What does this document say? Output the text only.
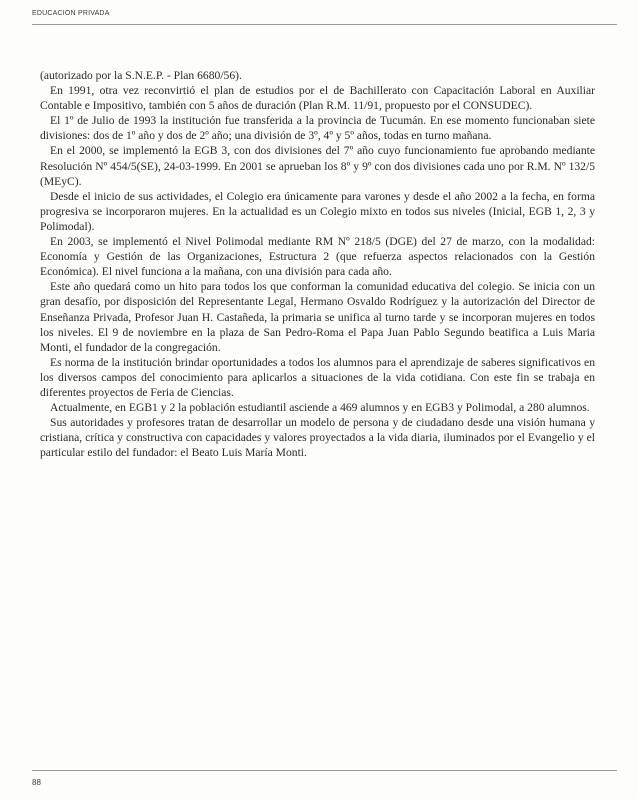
EDUCACION PRIVADA

(autorizado por la S.N.E.P. - Plan 6680/56).

En 1991, otra vez reconvirtió el plan de estudios por el de Bachillerato con Capacitación Laboral en Auxiliar Contable e Impositivo, también con 5 años de duración (Plan R.M. 11/91, propuesto por el CONSUDEC).

El 1º de Julio de 1993 la institución fue transferida a la provincia de Tucumán. En ese momento funcionaban siete divisiones: dos de 1º año y dos de 2º año; una división de 3º, 4º y 5º años, todas en turno mañana.

En el 2000, se implementó la EGB 3, con dos divisiones del 7º año cuyo funcionamiento fue aprobando mediante Resolución Nº 454/5(SE), 24-03-1999. En 2001 se aprueban los 8º y 9º con dos divisiones cada uno por R.M. Nº 132/5 (MEyC).

Desde el inicio de sus actividades, el Colegio era únicamente para varones y desde el año 2002 a la fecha, en forma progresiva se incorporaron mujeres. En la actualidad es un Colegio mixto en todos sus niveles (Inicial, EGB 1, 2, 3 y Polimodal).

En 2003, se implementó el Nivel Polimodal mediante RM Nº 218/5 (DGE) del 27 de marzo, con la modalidad: Economía y Gestión de las Organizaciones, Estructura 2 (que refuerza aspectos relacionados con la Gestión Económica). El nivel funciona a la mañana, con una división para cada año.

Este año quedará como un hito para todos los que conforman la comunidad educativa del colegio. Se inicia con un gran desafío, por disposición del Representante Legal, Hermano Osvaldo Rodríguez y la autorización del Director de Enseñanza Privada, Profesor Juan H. Castañeda, la primaria se unifica al turno tarde y se incorporan mujeres en todos los niveles. El 9 de noviembre en la plaza de San Pedro-Roma el Papa Juan Pablo Segundo beatifica a Luis Maria Monti, el fundador de la congregación.

Es norma de la institución brindar oportunidades a todos los alumnos para el aprendizaje de saberes significativos en los diversos campos del conocimiento para aplicarlos a situaciones de la vida cotidiana. Con este fin se trabaja en diferentes proyectos de Feria de Ciencias.

Actualmente, en EGB1 y 2 la población estudiantil asciende a 469 alumnos y en EGB3 y Polimodal, a 280 alumnos.

Sus autoridades y profesores tratan de desarrollar un modelo de persona y de ciudadano desde una visión humana y cristiana, crítica y constructiva con capacidades y valores proyectados a la vida diaria, iluminados por el Evangelio y el particular estilo del fundador: el Beato Luis María Monti.

88
